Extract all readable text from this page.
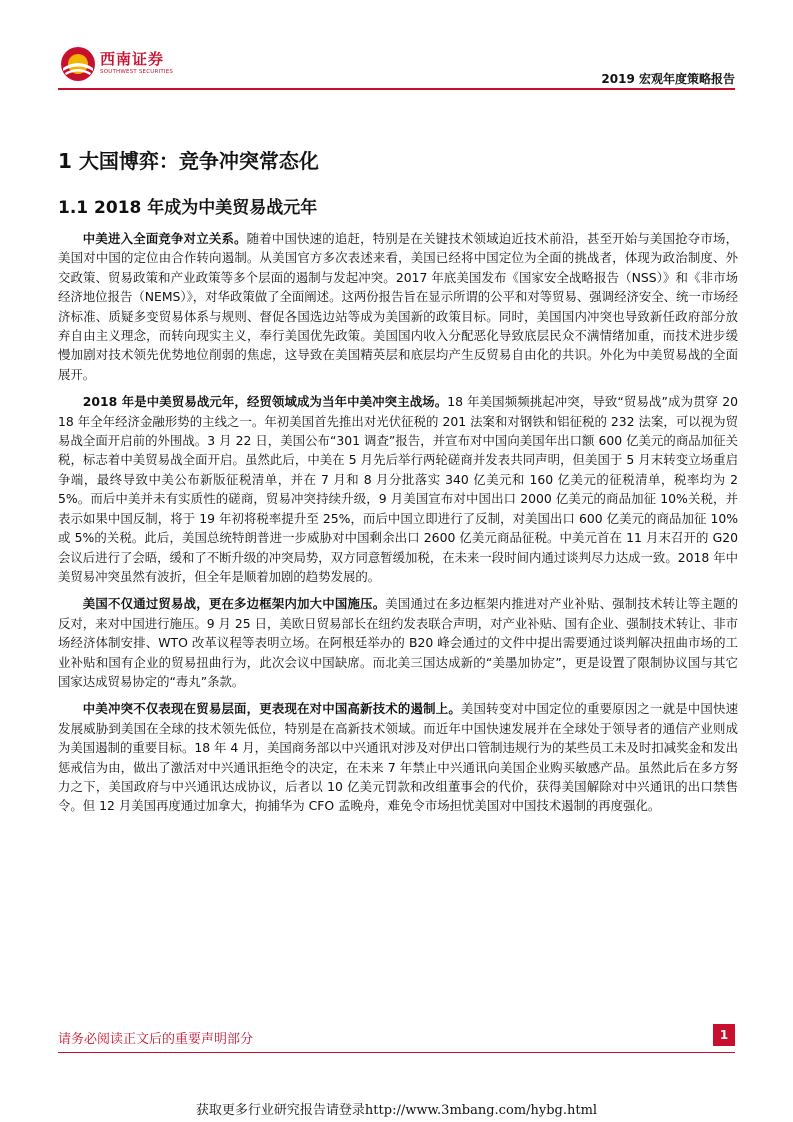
西南证券
SOUTHWEST SECURITIES	2019 宏观年度策略报告
1 大国博弈：竞争冲突常态化
1.1 2018 年成为中美贸易战元年

中美进入全面竞争对立关系。随着中国快速的追赶，特别是在关键技术领域迫近技术前沿，甚至开始与美国抢夺市场，美国对中国的定位由合作转向遏制。从美国官方多次表述来看，美国已经将中国定位为全面的挑战者，体现为政治制度、外交政策、贸易政策和产业政策等多个层面的遏制与发起冲突。2017 年底美国发布《国家安全战略报告（NSS）》和《非市场经济地位报告（NEMS）》，对华政策做了全面阐述。这两份报告旨在显示所谓的公平和对等贸易、强调经济安全、统一市场经济标准、质疑多变贸易体系与规则、督促各国选边站等成为美国新的政策目标。同时，美国国内冲突也导致新任政府部分放弃自由主义理念，而转向现实主义，奉行美国优先政策。美国国内收入分配恶化导致底层民众不满情绪加重，而技术进步缓慢加剧对技术领先优势地位削弱的焦虑，这导致在美国精英层和底层均产生反贸易自由化的共识。外化为中美贸易战的全面展开。

2018 年是中美贸易战元年，经贸领域成为当年中美冲突主战场。18 年美国频频挑起冲突，导致“贸易战”成为贯穿 2018 年全年经济金融形势的主线之一。年初美国首先推出对光伏征税的 201 法案和对钢铁和铝征税的 232 法案，可以视为贸易战全面开启前的外围战。3 月 22 日，美国公布“301 调查”报告，并宣布对中国向美国年出口额 600 亿美元的商品加征关税，标志着中美贸易战全面开启。虽然此后，中美在 5 月先后举行两轮磋商并发表共同声明，但美国于 5 月末转变立场重启争端，最终导致中美公布新版征税清单，并在 7 月和 8 月分批落实 340 亿美元和 160 亿美元的征税清单，税率均为 25%。而后中美并未有实质性的磋商，贸易冲突持续升级，9 月美国宣布对中国出口 2000 亿美元的商品加征 10%关税，并表示如果中国反制，将于 19 年初将税率提升至 25%，而后中国立即进行了反制，对美国出口 600 亿美元的商品加征 10%或 5%的关税。此后，美国总统特朗普进一步威胁对中国剩余出口 2600 亿美元商品征税。中美元首在 11 月末召开的 G20 会议后进行了会晤，缓和了不断升级的冲突局势，双方同意暂缓加税，在未来一段时间内通过谈判尽力达成一致。2018 年中美贸易冲突虽然有波折，但全年是顺着加剧的趋势发展的。

美国不仅通过贸易战，更在多边框架内加大中国施压。美国通过在多边框架内推进对产业补贴、强制技术转让等主题的反对，来对中国进行施压。9 月 25 日，美欧日贸易部长在纽约发表联合声明，对产业补贴、国有企业、强制技术转让、非市场经济体制安排、WTO 改革议程等表明立场。在阿根廷举办的 B20 峰会通过的文件中提出需要通过谈判解决扭曲市场的工业补贴和国有企业的贸易扭曲行为，此次会议中国缺席。而北美三国达成新的“美墨加协定”，更是设置了限制协议国与其它国家达成贸易协定的“毒丸”条款。

中美冲突不仅表现在贸易层面，更表现在对中国高新技术的遏制上。美国转变对中国定位的重要原因之一就是中国快速发展威胁到美国在全球的技术领先低位，特别是在高新技术领域。而近年中国快速发展并在全球处于领导者的通信产业则成为美国遏制的重要目标。18 年 4 月，美国商务部以中兴通讯对涉及对伊出口管制违规行为的某些员工未及时扣减奖金和发出惩戒信为由，做出了激活对中兴通讯拒绝令的决定，在未来 7 年禁止中兴通讯向美国企业购买敏感产品。虽然此后在多方努力之下，美国政府与中兴通讯达成协议，后者以 10 亿美元罚款和改组董事会的代价，获得美国解除对中兴通讯的出口禁售令。但 12 月美国再度通过加拿大，拘捕华为 CFO 孟晚舟，难免令市场担忧美国对中国技术遏制的再度强化。

请务必阅读正文后的重要声明部分	1
获取更多行业研究报告请登录http://www.3mbang.com/hybg.html
